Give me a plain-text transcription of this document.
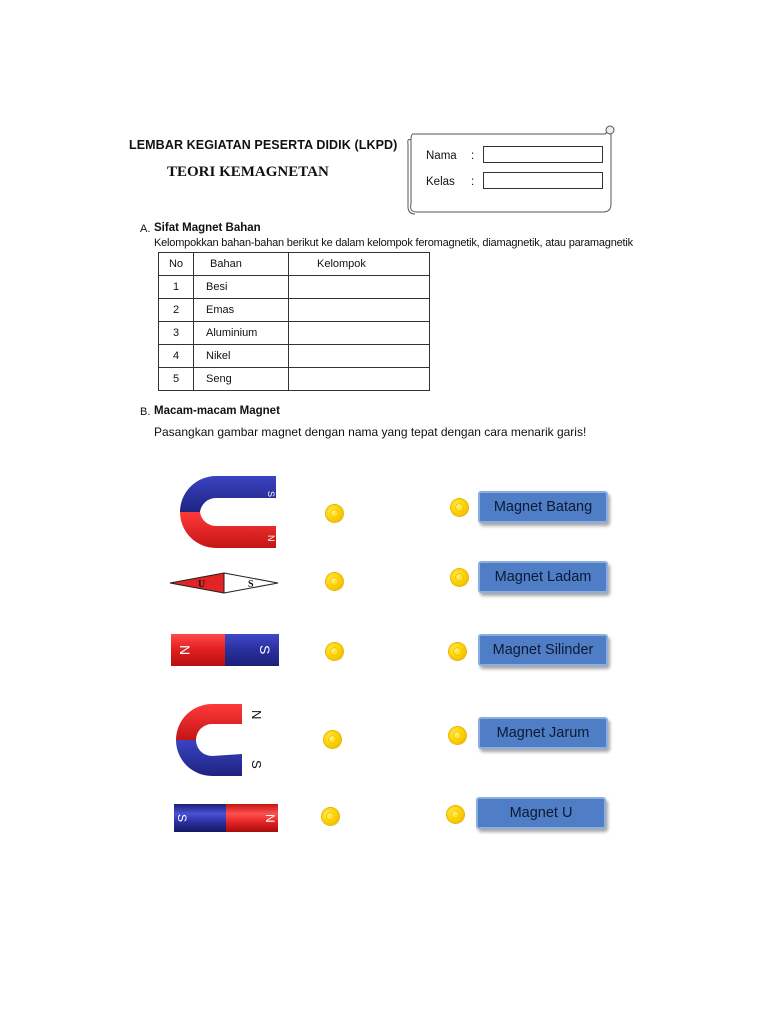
LEMBAR KEGIATAN PESERTA DIDIK (LKPD)
TEORI KEMAGNETAN
Nama :
Kelas :
A. Sifat Magnet Bahan
Kelompokkan bahan-bahan berikut ke dalam kelompok feromagnetik, diamagnetik, atau paramagnetik
No	Bahan	Kelompok
1	Besi	
2	Emas	
3	Aluminium	
4	Nikel	
5	Seng	
B. Macam-macam Magnet
Pasangkan gambar magnet dengan nama yang tepat dengan cara menarik garis!
S
N
U	S
N	S
N
S
S	N
Magnet Batang
Magnet Ladam
Magnet Silinder
Magnet Jarum
Magnet U
